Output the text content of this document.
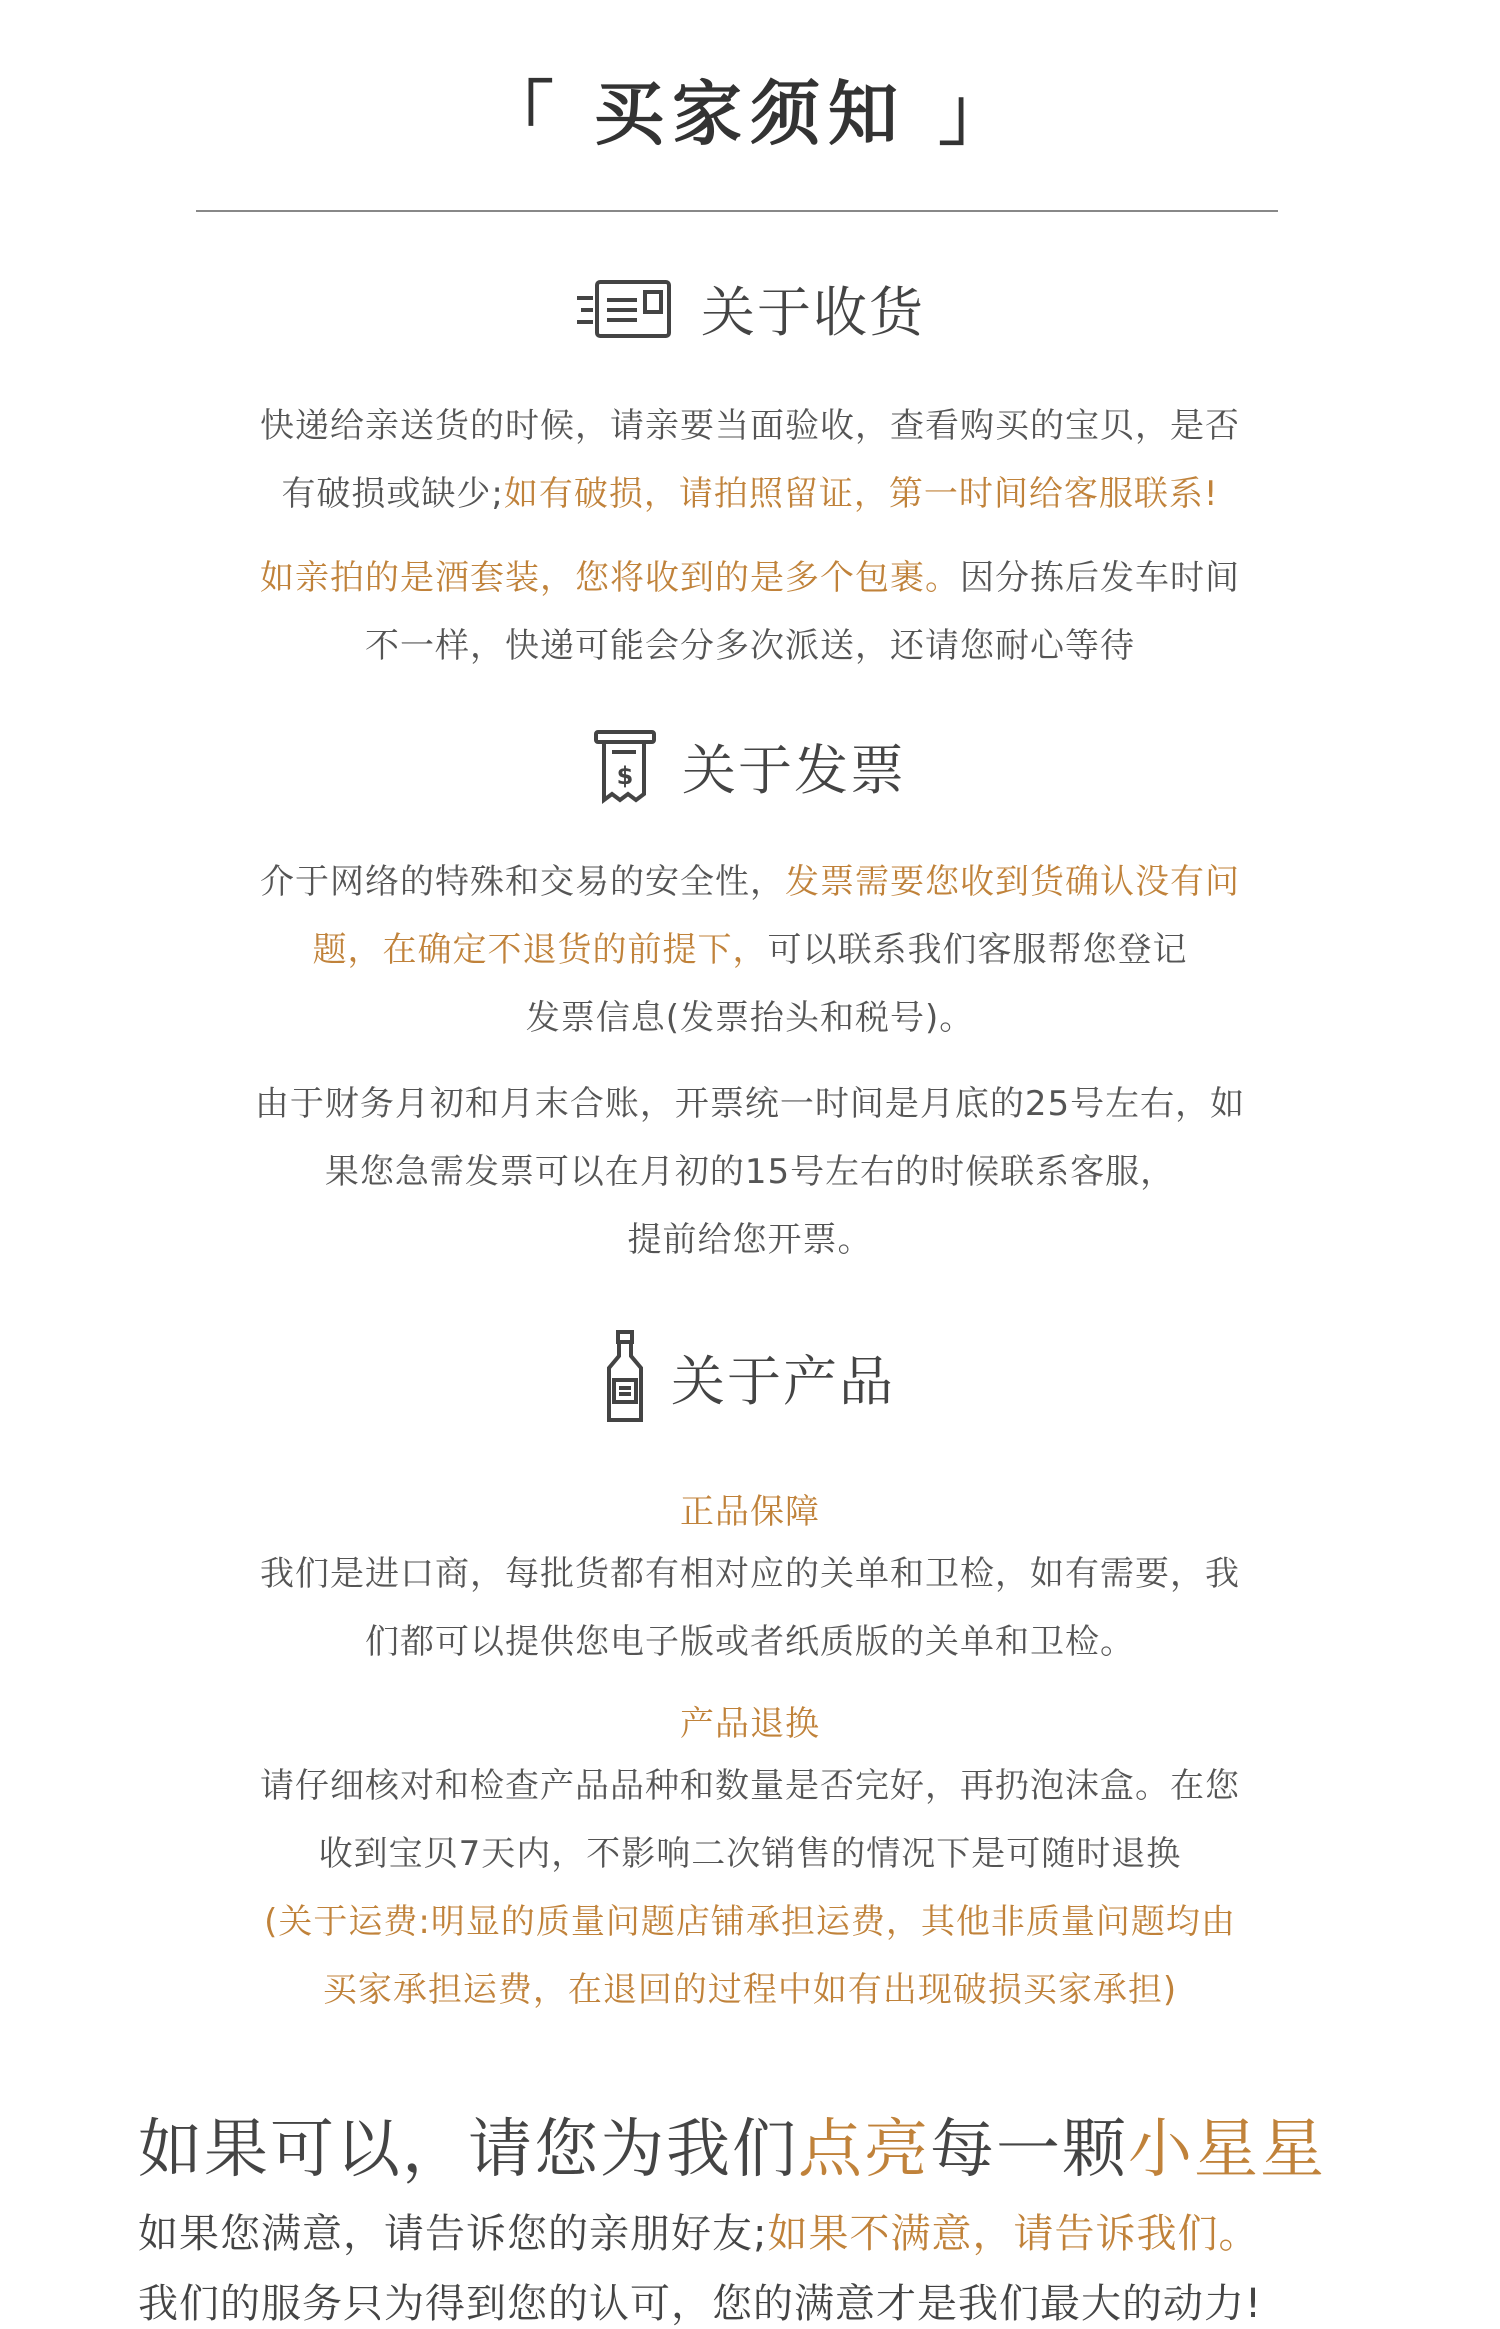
「 买家须知 」
关于收货
快递给亲送货的时候，请亲要当面验收，查看购买的宝贝，是否
有破损或缺少;如有破损，请拍照留证，第一时间给客服联系!
如亲拍的是酒套装，您将收到的是多个包裹。因分拣后发车时间
不一样，快递可能会分多次派送，还请您耐心等待
$ 关于发票
介于网络的特殊和交易的安全性，发票需要您收到货确认没有问
题，在确定不退货的前提下，可以联系我们客服帮您登记
发票信息(发票抬头和税号)。
由于财务月初和月末合账，开票统一时间是月底的25号左右，如
果您急需发票可以在月初的15号左右的时候联系客服，
提前给您开票。
关于产品
正品保障
我们是进口商，每批货都有相对应的关单和卫检，如有需要，我
们都可以提供您电子版或者纸质版的关单和卫检。
产品退换
请仔细核对和检查产品品种和数量是否完好，再扔泡沫盒。在您
收到宝贝7天内，不影响二次销售的情况下是可随时退换
(关于运费:明显的质量问题店铺承担运费，其他非质量问题均由
买家承担运费，在退回的过程中如有出现破损买家承担)
如果可以，请您为我们点亮每一颗小星星
如果您满意，请告诉您的亲朋好友;如果不满意，请告诉我们。
我们的服务只为得到您的认可，您的满意才是我们最大的动力!
